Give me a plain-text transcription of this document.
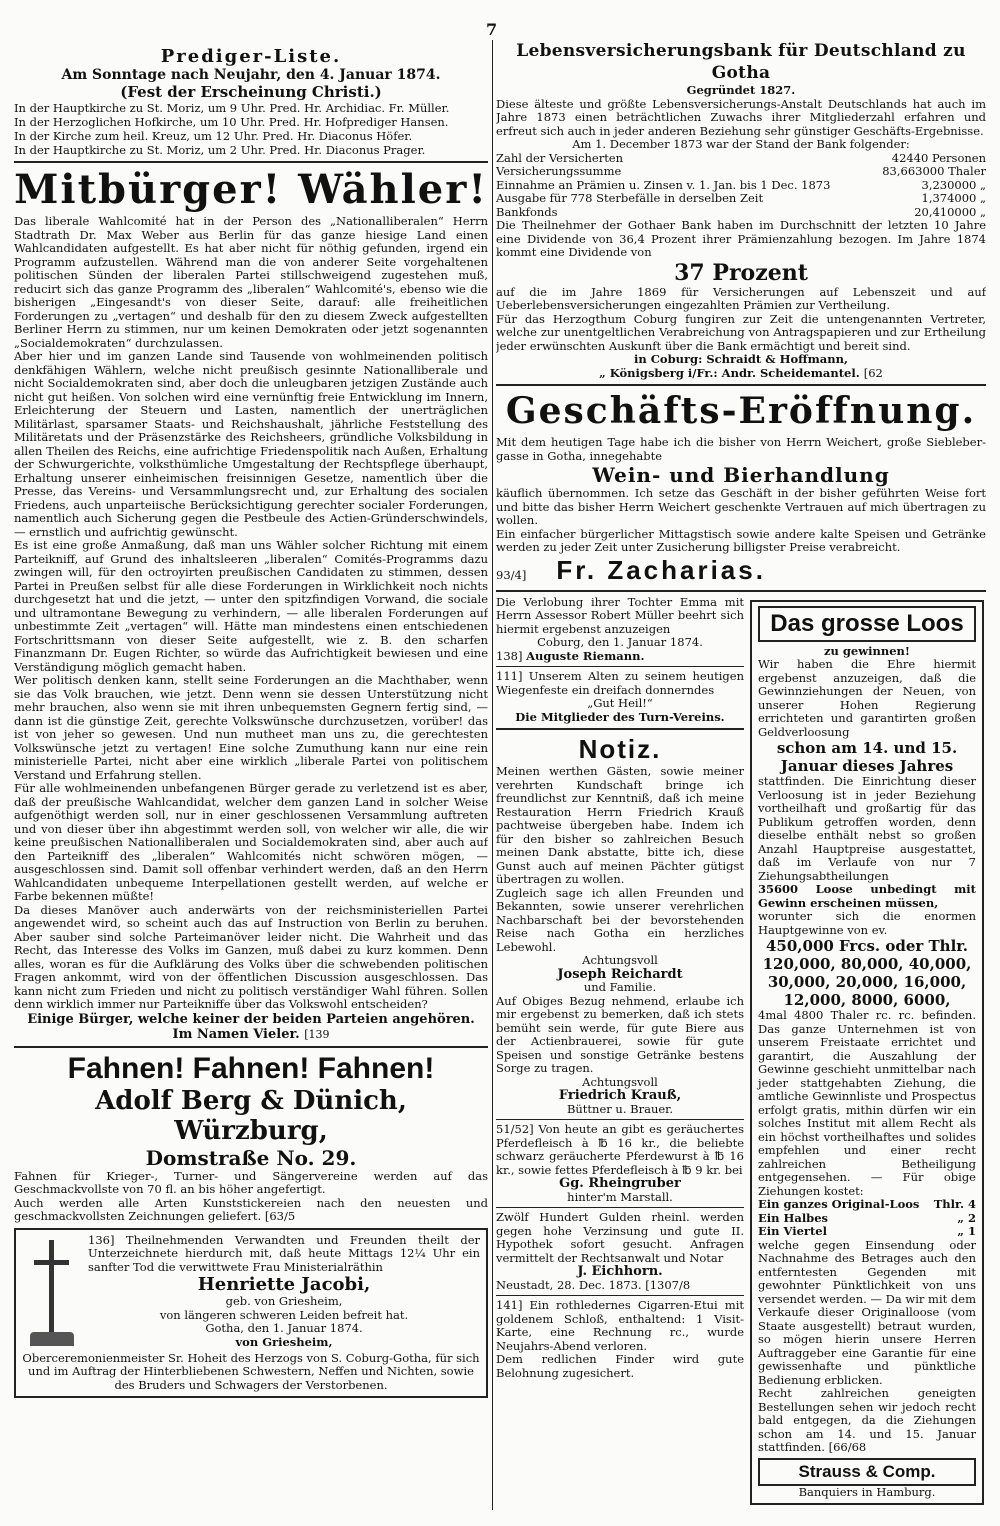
7

Prediger-Liste.

Am Sonntage nach Neujahr, den 4. Januar 1874.

(Fest der Erscheinung Christi.)

In der Hauptkirche zu St. Moriz, um 9 Uhr. Pred. Hr. Archidiac. Fr. Müller.

In der Herzoglichen Hofkirche, um 10 Uhr. Pred. Hr. Hofprediger Hansen.

In der Kirche zum heil. Kreuz, um 12 Uhr. Pred. Hr. Diaconus Höfer.

In der Hauptkirche zu St. Moriz, um 2 Uhr. Pred. Hr. Diaconus Prager.

Mitbürger! Wähler!

Das liberale Wahlcomité hat in der Person des „Nationalliberalen“ Herrn Stadtrath Dr. Max Weber aus Berlin für das ganze hiesige Land einen Wahlcandidaten aufgestellt. Es hat aber nicht für nöthig gefunden, irgend ein Programm aufzustellen. Während man die von anderer Seite vorgehaltenen politischen Sünden der liberalen Partei stillschweigend zugestehen muß, reducirt sich das ganze Programm des „liberalen“ Wahlcomité's, ebenso wie die bisherigen „Eingesandt's von dieser Seite, darauf: alle freiheitlichen Forderungen zu „vertagen“ und deshalb für den zu diesem Zweck aufgestellten Berliner Herrn zu stimmen, nur um keinen Demokraten oder jetzt sogenannten „Socialdemokraten“ durchzulassen.

Aber hier und im ganzen Lande sind Tausende von wohlmeinenden politisch denkfähigen Wählern, welche nicht preußisch gesinnte Nationalliberale und nicht Socialdemokraten sind, aber doch die unleugbaren jetzigen Zustände auch nicht gut heißen. Von solchen wird eine vernünftig freie Entwicklung im Innern, Erleichterung der Steuern und Lasten, namentlich der unerträglichen Militärlast, sparsamer Staats- und Reichshaushalt, jährliche Feststellung des Militäretats und der Präsenzstärke des Reichsheers, gründliche Volksbildung in allen Theilen des Reichs, eine aufrichtige Friedenspolitik nach Außen, Erhaltung der Schwurgerichte, volksthümliche Umgestaltung der Rechtspflege überhaupt, Erhaltung unserer einheimischen freisinnigen Gesetze, namentlich über die Presse, das Vereins- und Versammlungsrecht und, zur Erhaltung des socialen Friedens, auch unparteiische Berücksichtigung gerechter socialer Forderungen, namentlich auch Sicherung gegen die Pestbeule des Actien-Gründerschwindels, — ernstlich und aufrichtig gewünscht.

Es ist eine große Anmaßung, daß man uns Wähler solcher Richtung mit einem Parteikniff, auf Grund des inhaltsleeren „liberalen“ Comités-Programms dazu zwingen will, für den octroyirten preußischen Candidaten zu stimmen, dessen Partei in Preußen selbst für alle diese Forderungen in Wirklichkeit noch nichts durchgesetzt hat und die jetzt, — unter den spitzfindigen Vorwand, die sociale und ultramontane Bewegung zu verhindern, — alle liberalen Forderungen auf unbestimmte Zeit „vertagen“ will. Hätte man mindestens einen entschiedenen Fortschrittsmann von dieser Seite aufgestellt, wie z. B. den scharfen Finanzmann Dr. Eugen Richter, so würde das Aufrichtigkeit bewiesen und eine Verständigung möglich gemacht haben.

Wer politisch denken kann, stellt seine Forderungen an die Machthaber, wenn sie das Volk brauchen, wie jetzt. Denn wenn sie dessen Unterstützung nicht mehr brauchen, also wenn sie mit ihren unbequemsten Gegnern fertig sind, — dann ist die günstige Zeit, gerechte Volkswünsche durchzusetzen, vorüber! das ist von jeher so gewesen. Und nun mutheet man uns zu, die gerechtesten Volkswünsche jetzt zu vertagen! Eine solche Zumuthung kann nur eine rein ministerielle Partei, nicht aber eine wirklich „liberale Partei von politischem Verstand und Erfahrung stellen.

Für alle wohlmeinenden unbefangenen Bürger gerade zu verletzend ist es aber, daß der preußische Wahlcandidat, welcher dem ganzen Land in solcher Weise aufgenöthigt werden soll, nur in einer geschlossenen Versammlung auftreten und von dieser über ihn abgestimmt werden soll, von welcher wir alle, die wir keine preußischen Nationalliberalen und Socialdemokraten sind, aber auch auf den Parteikniff des „liberalen“ Wahlcomités nicht schwören mögen, — ausgeschlossen sind. Damit soll offenbar verhindert werden, daß an den Herrn Wahlcandidaten unbequeme Interpellationen gestellt werden, auf welche er Farbe bekennen müßte!

Da dieses Manöver auch anderwärts von der reichsministeriellen Partei angewendet wird, so scheint auch das auf Instruction von Berlin zu beruhen. Aber sauber sind solche Parteimanöver leider nicht. Die Wahrheit und das Recht, das Interesse des Volks im Ganzen, muß dabei zu kurz kommen. Denn alles, woran es für die Aufklärung des Volks über die schwebenden politischen Fragen ankommt, wird von der öffentlichen Discussion ausgeschlossen. Das kann nicht zum Frieden und nicht zu politisch verständiger Wahl führen. Sollen denn wirklich immer nur Parteikniffe über das Volkswohl entscheiden?

Einige Bürger, welche keiner der beiden Parteien angehören.

Im Namen Vieler. [139

Fahnen! Fahnen! Fahnen!

Adolf Berg & Dünich, Würzburg,

Domstraße No. 29.

Fahnen für Krieger-, Turner- und Sängervereine werden auf das Geschmackvollste von 70 fl. an bis höher angefertigt.

Auch werden alle Arten Kunststickereien nach den neuesten und geschmackvollsten Zeichnungen geliefert. [63/5

136] Theilnehmenden Verwandten und Freunden theilt der Unterzeichnete hierdurch mit, daß heute Mittags 12¼ Uhr ein sanfter Tod die verwittwete Frau Ministerialräthin

Henriette Jacobi,

geb. von Griesheim,

von längeren schweren Leiden befreit hat.

Gotha, den 1. Januar 1874.

von Griesheim,

Oberceremonienmeister Sr. Hoheit des Herzogs von S. Coburg-Gotha, für sich und im Auftrag der Hinterbliebenen Schwestern, Neffen und Nichten, sowie des Bruders und Schwagers der Verstorbenen.

Lebensversicherungsbank für Deutschland zu Gotha

Gegründet 1827.

Diese älteste und größte Lebensversicherungs-Anstalt Deutschlands hat auch im Jahre 1873 einen beträchtlichen Zuwachs ihrer Mitgliederzahl erfahren und erfreut sich auch in jeder anderen Beziehung sehr günstiger Geschäfts-Ergebnisse.

Am 1. December 1873 war der Stand der Bank folgender:

Zahl der Versicherten	42440 Personen
Versicherungssumme	83,663000 Thaler
Einnahme an Prämien u. Zinsen v. 1. Jan. bis 1 Dec. 1873	3,230000 „
Ausgabe für 778 Sterbefälle in derselben Zeit	1,374000 „
Bankfonds	20,410000 „

Die Theilnehmer der Gothaer Bank haben im Durchschnitt der letzten 10 Jahre eine Dividende von 36,4 Prozent ihrer Prämienzahlung bezogen. Im Jahre 1874 kommt eine Dividende von

37 Prozent

auf die im Jahre 1869 für Versicherungen auf Lebenszeit und auf Ueberlebensversicherungen eingezahlten Prämien zur Vertheilung.

Für das Herzogthum Coburg fungiren zur Zeit die untengenannten Vertreter, welche zur unentgeltlichen Verabreichung von Antragspapieren und zur Ertheilung jeder erwünschten Auskunft über die Bank ermächtigt und bereit sind.

in Coburg: Schraidt & Hoffmann,

„ Königsberg i/Fr.: Andr. Scheidemantel. [62

Geschäfts-Eröffnung.

Mit dem heutigen Tage habe ich die bisher von Herrn Weichert, große Sieblebergasse in Gotha, innegehabte

Wein- und Bierhandlung

käuflich übernommen. Ich setze das Geschäft in der bisher geführten Weise fort und bitte das bisher Herrn Weichert geschenkte Vertrauen auf mich übertragen zu wollen.

Ein einfacher bürgerlicher Mittagstisch sowie andere kalte Speisen und Getränke werden zu jeder Zeit unter Zusicherung billigster Preise verabreicht.

93/4] Fr. Zacharias.

Die Verlobung ihrer Tochter Emma mit Herrn Assessor Robert Müller beehrt sich hiermit ergebenst anzuzeigen

Coburg, den 1. Januar 1874.

138] Auguste Riemann.

111] Unserem Alten zu seinem heutigen Wiegenfeste ein dreifach donnerndes

„Gut Heil!“

Die Mitglieder des Turn-Vereins.

Notiz.

Meinen werthen Gästen, sowie meiner verehrten Kundschaft bringe ich freundlichst zur Kenntniß, daß ich meine Restauration Herrn Friedrich Krauß pachtweise übergeben habe. Indem ich für den bisher so zahlreichen Besuch meinen Dank abstatte, bitte ich, diese Gunst auch auf meinen Pächter gütigst übertragen zu wollen.

Zugleich sage ich allen Freunden und Bekannten, sowie unserer verehrlichen Nachbarschaft bei der bevorstehenden Reise nach Gotha ein herzliches Lebewohl.

Achtungsvoll

Joseph Reichardt

und Familie.

Auf Obiges Bezug nehmend, erlaube ich mir ergebenst zu bemerken, daß ich stets bemüht sein werde, für gute Biere aus der Actienbrauerei, sowie für gute Speisen und sonstige Getränke bestens Sorge zu tragen.

Achtungsvoll

Friedrich Krauß,

Büttner u. Brauer.

51/52] Von heute an gibt es geräuchertes Pferdefleisch à ℔ 16 kr., die beliebte schwarz geräucherte Pferdewurst à ℔ 16 kr., sowie fettes Pferdefleisch à ℔ 9 kr. bei

Gg. Rheingruber

hinter'm Marstall.

Zwölf Hundert Gulden rheinl. werden gegen hohe Verzinsung und gute II. Hypothek sofort gesucht. Anfragen vermittelt der Rechtsanwalt und Notar

J. Eichhorn.

Neustadt, 28. Dec. 1873. [1307/8

141] Ein rothledernes Cigarren-Etui mit goldenem Schloß, enthaltend: 1 Visit-Karte, eine Rechnung rc., wurde Neujahrs-Abend verloren.

Dem redlichen Finder wird gute Belohnung zugesichert.

Das grosse Loos

zu gewinnen!

Wir haben die Ehre hiermit ergebenst anzuzeigen, daß die Gewinnziehungen der Neuen, von unserer Hohen Regierung errichteten und garantirten großen Geldverloosung

schon am 14. und 15. Januar dieses Jahres

stattfinden. Die Einrichtung dieser Verloosung ist in jeder Beziehung vortheilhaft und großartig für das Publikum getroffen worden, denn dieselbe enthält nebst so großen Anzahl Hauptpreise ausgestattet, daß im Verlaufe von nur 7 Ziehungsabtheilungen

35600 Loose unbedingt mit Gewinn erscheinen müssen,

worunter sich die enormen Hauptgewinne von ev.

450,000 Frcs. oder Thlr. 120,000, 80,000, 40,000, 30,000, 20,000, 16,000, 12,000, 8000, 6000,

4mal 4800 Thaler rc. rc. befinden. Das ganze Unternehmen ist von unserem Freistaate errichtet und garantirt, die Auszahlung der Gewinne geschieht unmittelbar nach jeder stattgehabten Ziehung, die amtliche Gewinnliste und Prospectus erfolgt gratis, mithin dürfen wir ein solches Institut mit allem Recht als ein höchst vortheilhaftes und solides empfehlen und einer recht zahlreichen Betheiligung entgegensehen. — Für obige Ziehungen kostet:

Ein ganzes Original-Loos Thlr. 4
Ein Halbes	„ 2
Ein Viertel	„ 1

welche gegen Einsendung oder Nachnahme des Betrages auch den entferntesten Gegenden mit gewohnter Pünktlichkeit von uns versendet werden. — Da wir mit dem Verkaufe dieser Originalloose (vom Staate ausgestellt) betraut wurden, so mögen hierin unsere Herren Auftraggeber eine Garantie für eine gewissenhafte und pünktliche Bedienung erblicken.

Recht zahlreichen geneigten Bestellungen sehen wir jedoch recht bald entgegen, da die Ziehungen schon am 14. und 15. Januar stattfinden. [66/68

Strauss & Comp.

Banquiers in Hamburg.
